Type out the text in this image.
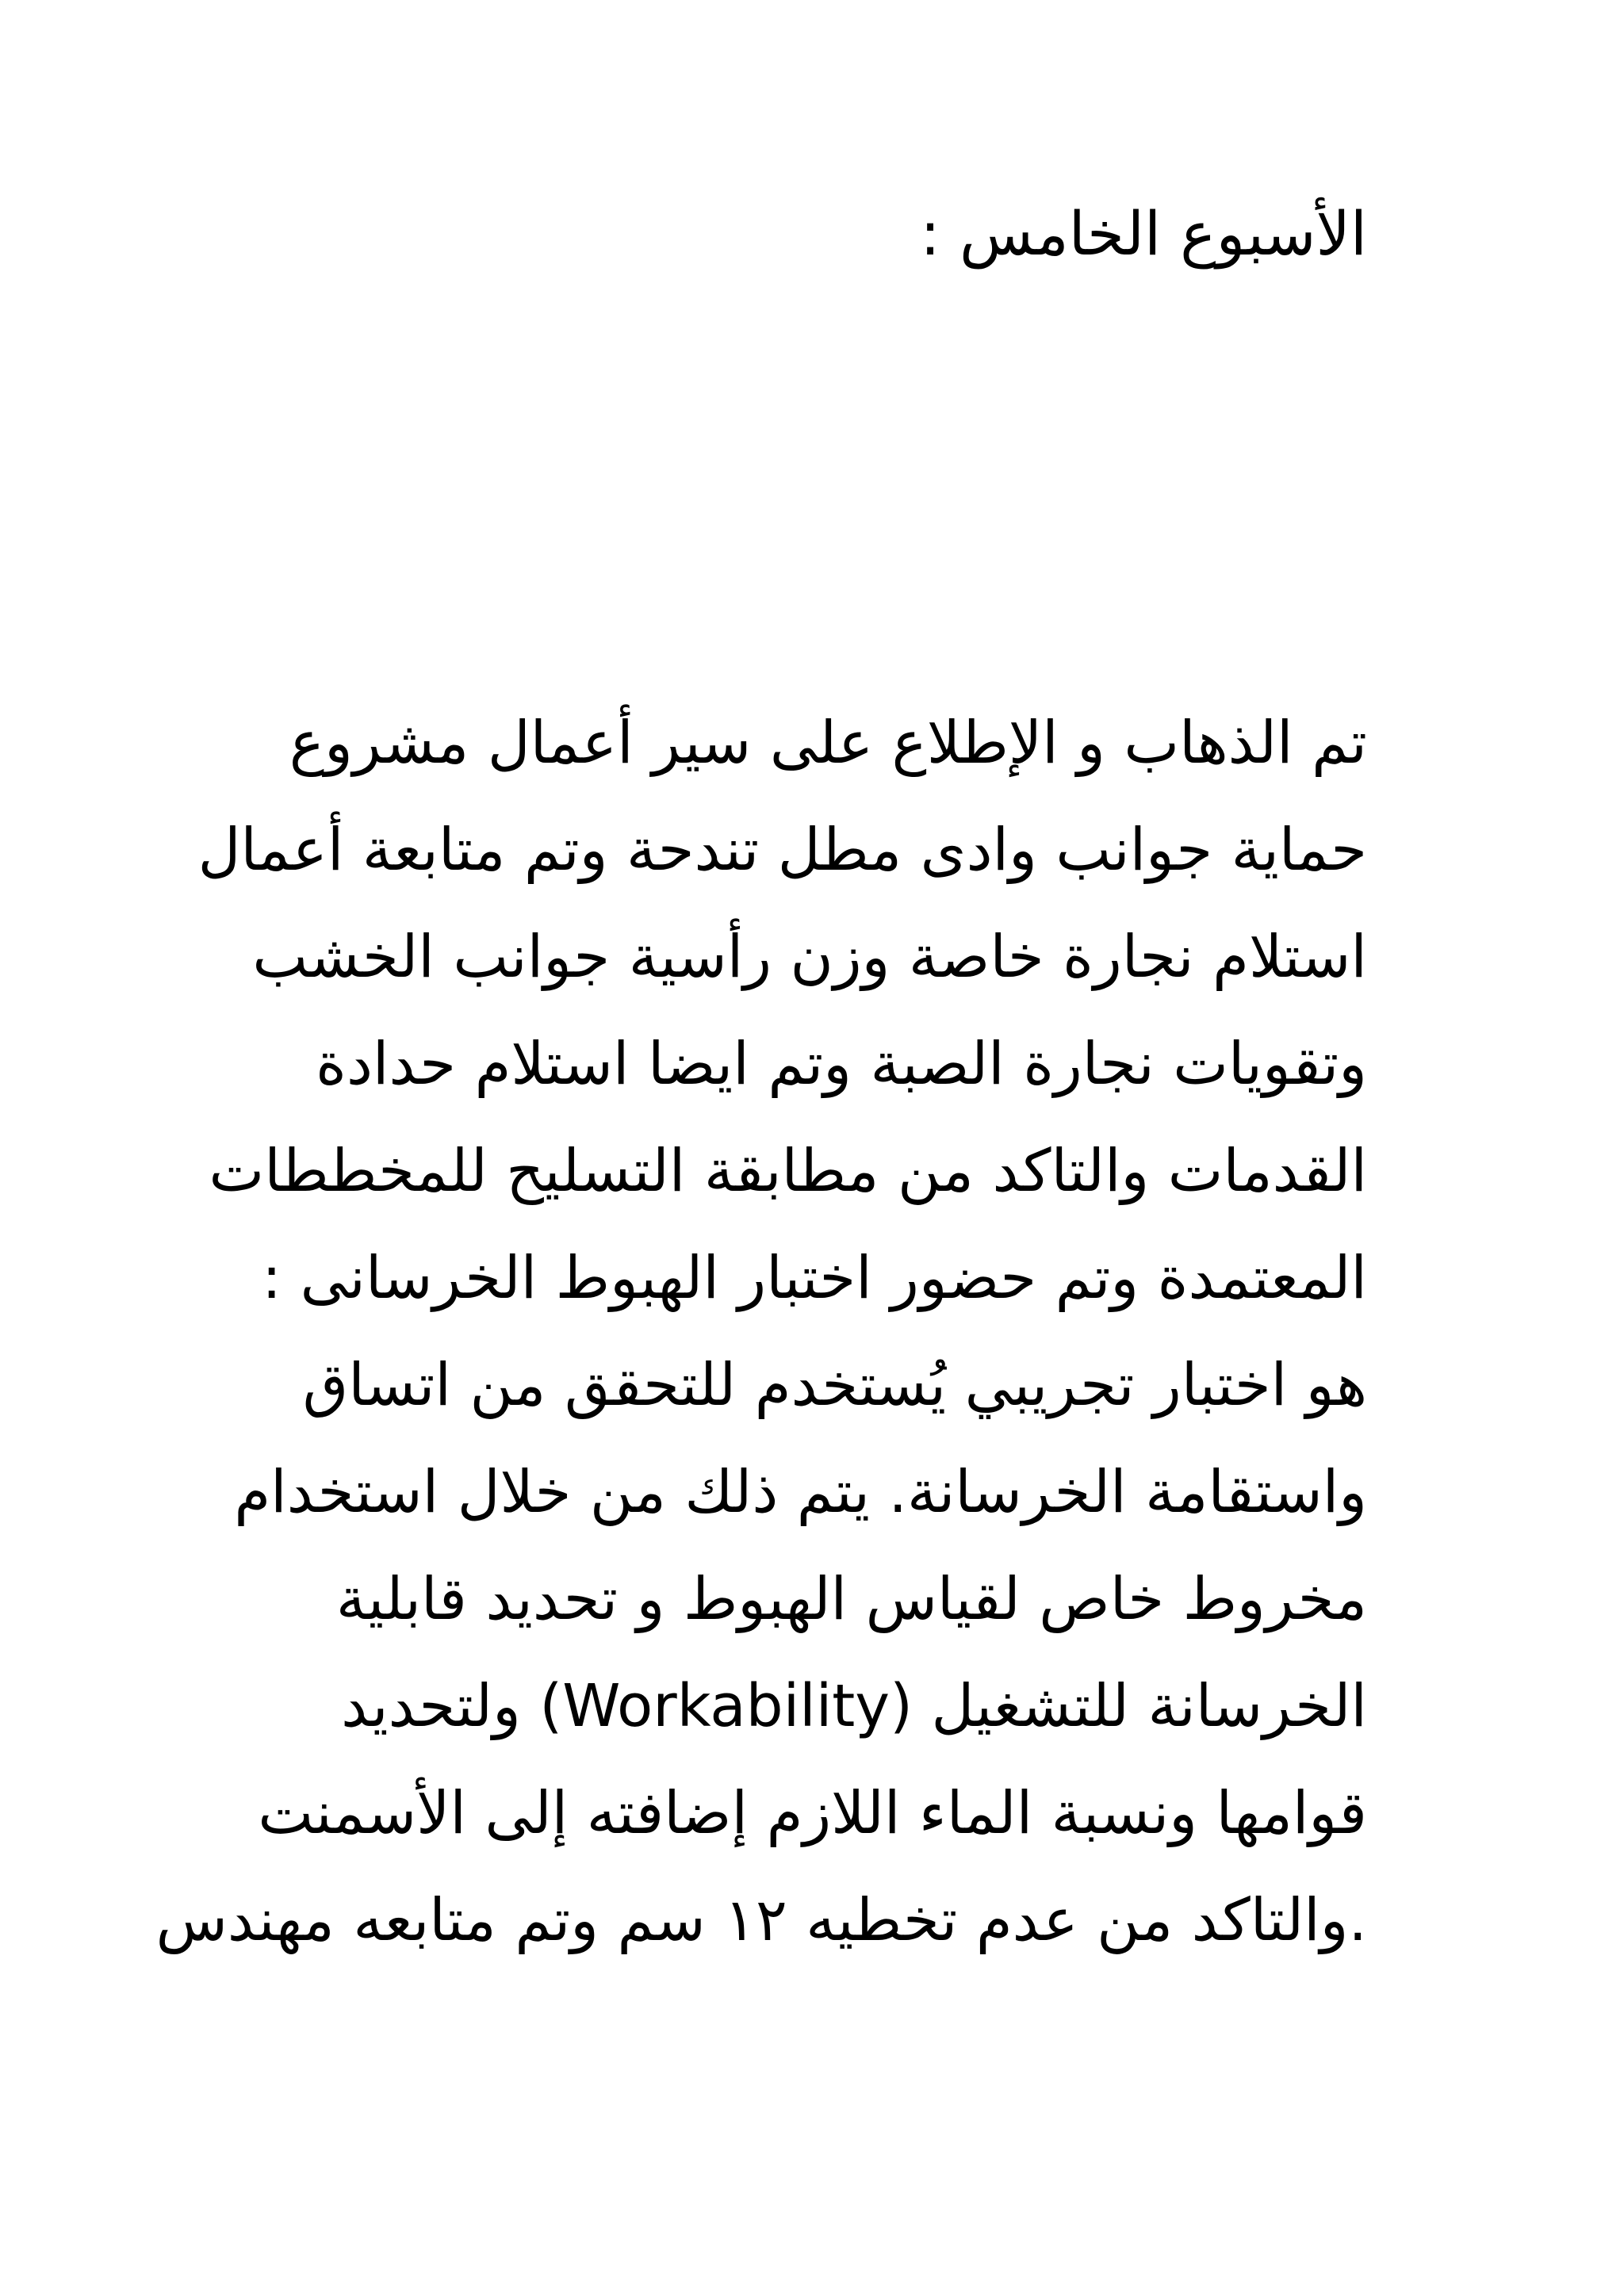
الأسبوع الخامس :
تم الذهاب و الإطلاع على سير أعمال مشروع
حماية جوانب وادى مطل تندحة وتم متابعة أعمال
استلام نجارة خاصة وزن رأسية جوانب الخشب
وتقويات نجارة الصبة وتم ايضا استلام حدادة
القدمات والتاكد من مطابقة التسليح للمخططات
المعتمدة وتم حضور اختبار الهبوط الخرسانى :
هو اختبار تجريبي يُستخدم للتحقق من اتساق
واستقامة الخرسانة. يتم ذلك من خلال استخدام
مخروط خاص لقياس الهبوط و تحديد قابلية
الخرسانة للتشغيل (Workability) ولتحديد
قوامها ونسبة الماء اللازم إضافته إلى الأسمنت
.والتاكد من عدم تخطيه ١٢ سم وتم متابعه مهندس
